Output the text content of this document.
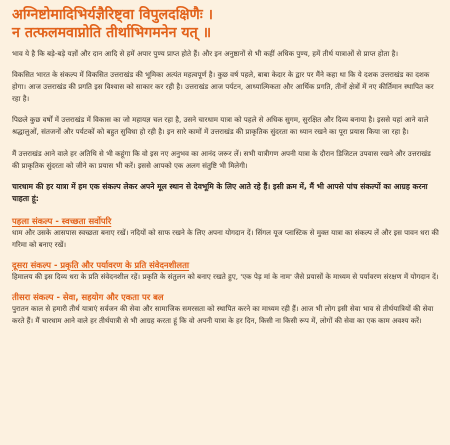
अग्निष्टोमादिभिर्यज्ञैरिष्ट्वा विपुलदक्षिणैः ।
न तत्फलमवाप्नोति तीर्थाभिगमनेन यत् ॥

भाव ये है कि बड़े-बड़े यज्ञों और दान आदि से हमें अपार पुण्य प्राप्त होते हैं। और इन अनुष्ठानों से भी कहीं अधिक पुण्य, हमें तीर्थ यात्राओं से प्राप्त होता है।

विकसित भारत के संकल्प में विकसित उत्तराखंड की भूमिका अत्यंत महत्वपूर्ण है। कुछ वर्ष पहले, बाबा केदार के द्वार पर मैंने कहा था कि ये दशक उत्तराखंड का दशक होगा। आज उत्तराखंड की प्रगति इस विश्वास को साकार कर रही है। उत्तराखंड आज पर्यटन, आध्यात्मिकता और आर्थिक प्रगति, तीनों क्षेत्रों में नए कीर्तिमान स्थापित कर रहा है।

पिछले कुछ वर्षों में उत्तराखंड में विकास का जो महायज्ञ चल रहा है, उसने चारधाम यात्रा को पहले से अधिक सुगम, सुरक्षित और दिव्य बनाया है। इससे यहां आने वाले श्रद्धालुओं, संतजनों और पर्यटकों को बहुत सुविधा हो रही है। इन सारे कामों में उत्तराखंड की प्राकृतिक सुंदरता का ध्यान रखने का पूरा प्रयास किया जा रहा है।

मैं उत्तराखंड आने वाले हर अतिथि से भी कहूंगा कि वो इस नए अनुभव का आनंद जरूर लें। सभी यात्रीगण अपनी यात्रा के दौरान डिजिटल उपवास रखने और उत्तराखंड की प्राकृतिक सुंदरता को जीने का प्रयास भी करें। इससे आपको एक अलग संतुष्टि भी मिलेगी।

चारधाम की हर यात्रा में हम एक संकल्प लेकर अपने मूल स्थान से देवभूमि के लिए आते रहे हैं। इसी क्रम में, मैं भी आपसे पांच संकल्पों का आग्रह करना चाहता हूं:

पहला संकल्प - स्वच्छता सर्वोपरि

धाम और उसके आसपास स्वच्छता बनाए रखें। नदियों को साफ रखने के लिए अपना योगदान दें। सिंगल यूज प्लास्टिक से मुक्त यात्रा का संकल्प लें और इस पावन धरा की गरिमा को बनाए रखें।

दूसरा संकल्प - प्रकृति और पर्यावरण के प्रति संवेदनशीलता

हिमालय की इस दिव्य धरा के प्रति संवेदनशील रहें। प्रकृति के संतुलन को बनाए रखते हुए, 'एक पेड़ मां के नाम' जैसे प्रयासों के माध्यम से पर्यावरण संरक्षण में योगदान दें।

तीसरा संकल्प - सेवा, सहयोग और एकता पर बल

पुरातन काल से हमारी तीर्थ यात्राएं सर्वजन की सेवा और सामाजिक समरसता को स्थापित करने का माध्यम रही हैं। आज भी लोग इसी सेवा भाव से तीर्थयात्रियों की सेवा करते हैं। मैं चारधाम आने वाले हर तीर्थयात्री से भी आग्रह करता हूं कि वो अपनी यात्रा के हर दिन, किसी ना किसी रूप में, लोगों की सेवा का एक काम अवश्य करें।
